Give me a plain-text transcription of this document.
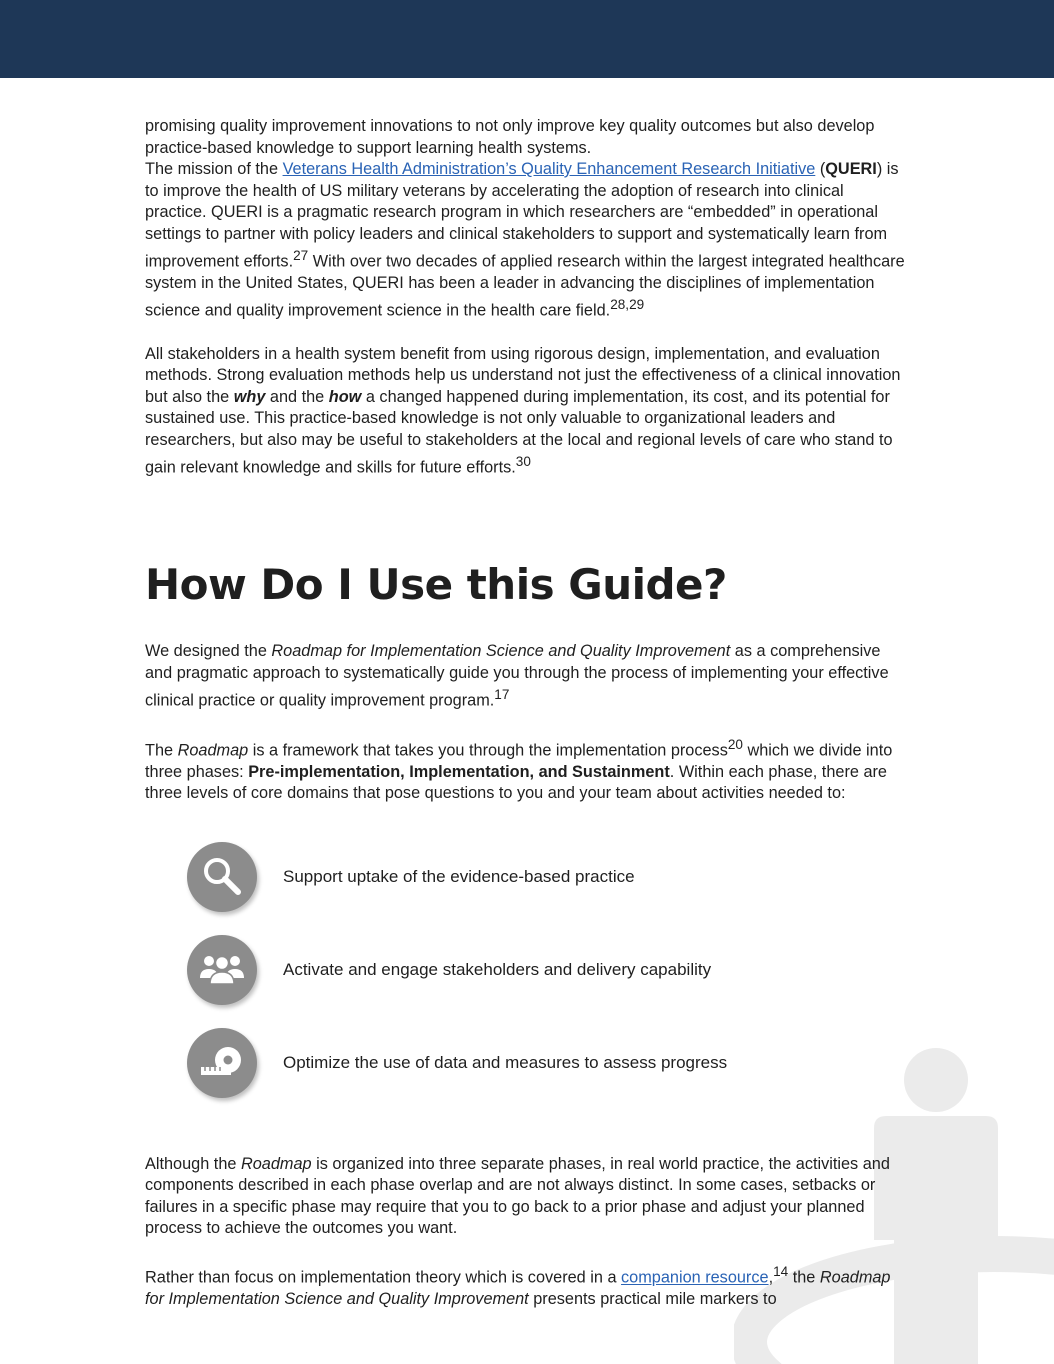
promising quality improvement innovations to not only improve key quality outcomes but also develop practice-based knowledge to support learning health systems.

The mission of the Veterans Health Administration’s Quality Enhancement Research Initiative (QUERI) is to improve the health of US military veterans by accelerating the adoption of research into clinical practice. QUERI is a pragmatic research program in which researchers are “embedded” in operational settings to partner with policy leaders and clinical stakeholders to support and systematically learn from improvement efforts.$^{27}$ With over two decades of applied research within the largest integrated healthcare system in the United States, QUERI has been a leader in advancing the disciplines of implementation science and quality improvement science in the health care field.$^{28,29}$

All stakeholders in a health system benefit from using rigorous design, implementation, and evaluation methods. Strong evaluation methods help us understand not just the effectiveness of a clinical innovation but also the why and the how a changed happened during implementation, its cost, and its potential for sustained use. This practice-based knowledge is not only valuable to organizational leaders and researchers, but also may be useful to stakeholders at the local and regional levels of care who stand to gain relevant knowledge and skills for future efforts.$^{30}$

How Do I Use this Guide?

We designed the Roadmap for Implementation Science and Quality Improvement as a comprehensive and pragmatic approach to systematically guide you through the process of implementing your effective clinical practice or quality improvement program.$^{17}$

The Roadmap is a framework that takes you through the implementation process$^{20}$ which we divide into three phases: Pre-implementation, Implementation, and Sustainment. Within each phase, there are three levels of core domains that pose questions to you and your team about activities needed to:

Support uptake of the evidence-based practice
Activate and engage stakeholders and delivery capability
Optimize the use of data and measures to assess progress

Although the Roadmap is organized into three separate phases, in real world practice, the activities and components described in each phase overlap and are not always distinct. In some cases, setbacks or failures in a specific phase may require that you to go back to a prior phase and adjust your planned process to achieve the outcomes you want.

Rather than focus on implementation theory which is covered in a companion resource,$^{14}$ the Roadmap for Implementation Science and Quality Improvement presents practical mile markers to
